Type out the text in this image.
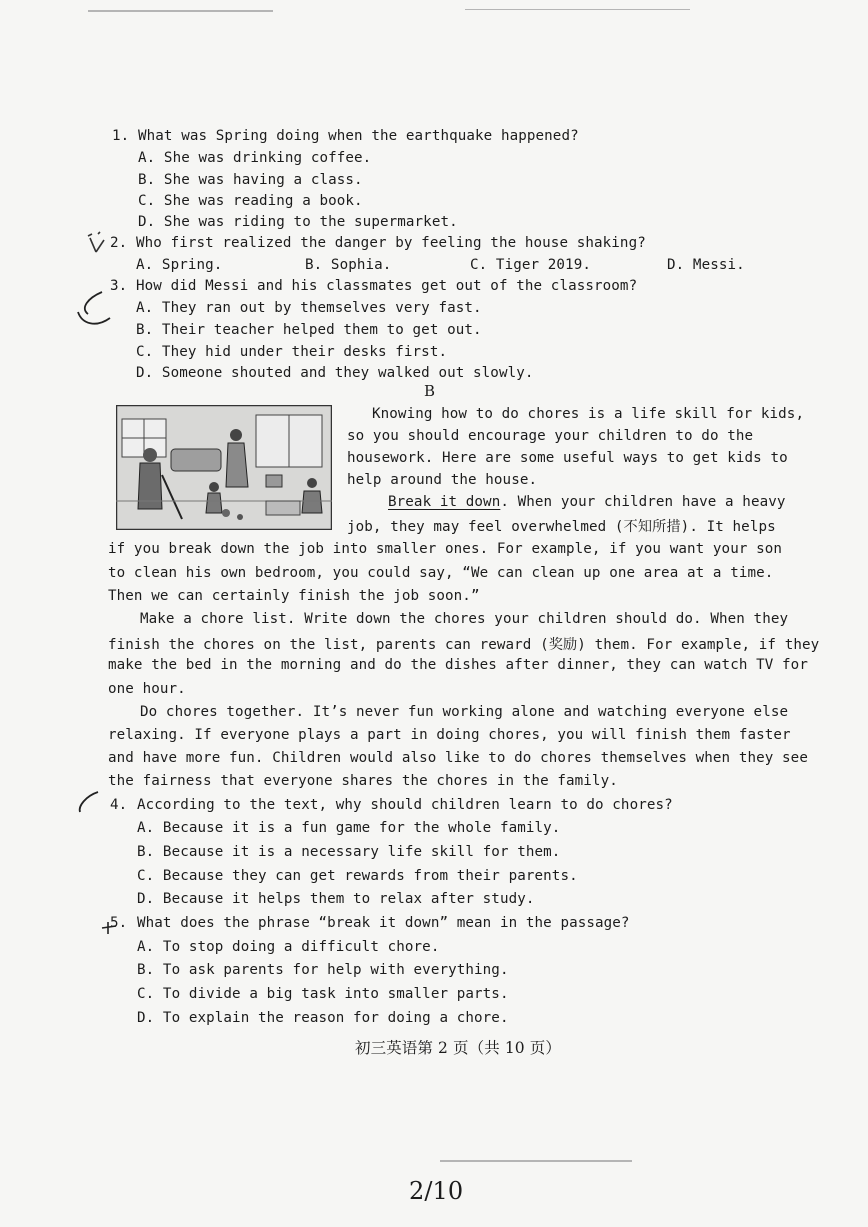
1. What was Spring doing when the earthquake happened?
A. She was drinking coffee.
B. She was having a class.
C. She was reading a book.
D. She was riding to the supermarket.
2. Who first realized the danger by feeling the house shaking?
A. Spring.	B. Sophia.	C. Tiger 2019.	D. Messi.
3. How did Messi and his classmates get out of the classroom?
A. They ran out by themselves very fast.
B. Their teacher helped them to get out.
C. They hid under their desks first.
D. Someone shouted and they walked out slowly.
B
Knowing how to do chores is a life skill for kids,
so you should encourage your children to do the
housework. Here are some useful ways to get kids to
help around the house.
Break it down. When your children have a heavy
job, they may feel overwhelmed (不知所措). It helps
if you break down the job into smaller ones. For example, if you want your son
to clean his own bedroom, you could say, “We can clean up one area at a time.
Then we can certainly finish the job soon.”
Make a chore list. Write down the chores your children should do. When they
finish the chores on the list, parents can reward (奖励) them. For example, if they
make the bed in the morning and do the dishes after dinner, they can watch TV for
one hour.
Do chores together. It’s never fun working alone and watching everyone else
relaxing. If everyone plays a part in doing chores, you will finish them faster
and have more fun. Children would also like to do chores themselves when they see
the fairness that everyone shares the chores in the family.
4. According to the text, why should children learn to do chores?
A. Because it is a fun game for the whole family.
B. Because it is a necessary life skill for them.
C. Because they can get rewards from their parents.
D. Because it helps them to relax after study.
5. What does the phrase “break it down” mean in the passage?
A. To stop doing a difficult chore.
B. To ask parents for help with everything.
C. To divide a big task into smaller parts.
D. To explain the reason for doing a chore.
初三英语第 2 页（共 10 页）
2/10
